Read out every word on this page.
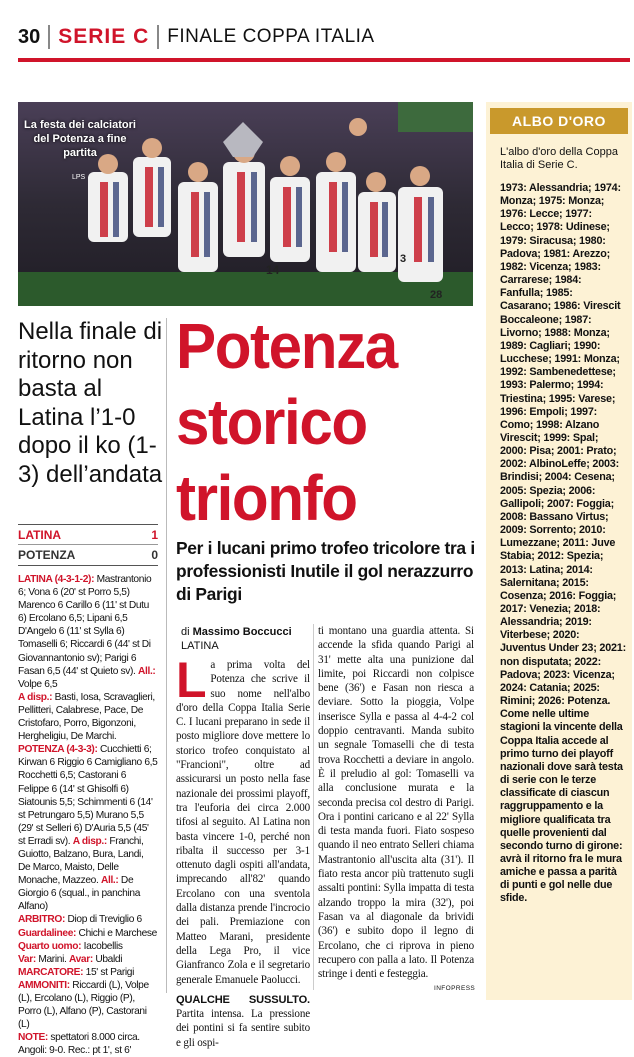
30 SERIE C FINALE COPPA ITALIA
14
3
28
La festa dei calciatori del Potenza a fine partita
LPS
Nella finale di ritorno non basta al Latina l’1-0 dopo il ko (1-3) dell’andata
LATINA	1
POTENZA	0
LATINA (4-3-1-2): Mastrantonio 6; Vona 6 (20' st Porro 5,5) Marenco 6 Carillo 6 (11' st Dutu 6) Ercolano 6,5; Lipani 6,5 D'Angelo 6 (11' st Sylla 6) Tomaselli 6; Riccardi 6 (44' st Di Giovannantonio sv); Parigi 6 Fasan 6,5 (44' st Quieto sv). All.: Volpe 6,5
A disp.: Basti, Iosa, Scravaglieri, Pellitteri, Calabrese, Pace, De Cristofaro, Porro, Bigonzoni, Hergheligiu, De Marchi.
POTENZA (4-3-3): Cucchietti 6; Kirwan 6 Riggio 6 Camigliano 6,5 Rocchetti 6,5; Castorani 6 Felippe 6 (14' st Ghisolfi 6) Siatounis 5,5; Schimmenti 6 (14' st Petrungaro 5,5) Murano 5,5 (29' st Selleri 6) D'Auria 5,5 (45' st Erradi sv). A disp.: Franchi, Guiotto, Balzano, Bura, Landi, De Marco, Maisto, Delle Monache, Mazzeo. All.: De Giorgio 6 (squal., in panchina Alfano)
ARBITRO: Diop di Treviglio 6
Guardalinee: Chichi e Marchese
Quarto uomo: Iacobellis
Var: Marini. Avar: Ubaldi
MARCATORE: 15' st Parigi
AMMONITI: Riccardi (L), Volpe (L), Ercolano (L), Riggio (P), Porro (L), Alfano (P), Castorani (L)
NOTE: spettatori 8.000 circa. Angoli: 9-0. Rec.: pt 1', st 6'
Potenza
storico
trionfo
Per i lucani primo trofeo tricolore tra i professionisti Inutile il gol nerazzurro di Parigi
di Massimo Boccucci
LATINA
La prima volta del Potenza che scrive il suo nome nell'albo d'oro della Coppa Italia Serie C. I lucani preparano in sede il posto migliore dove mettere lo storico trofeo conquistato al "Francioni", oltre ad assicurarsi un posto nella fase nazionale dei prossimi playoff, tra l'euforia dei circa 2.000 tifosi al seguito. Al Latina non basta vincere 1-0, perché non ribalta il successo per 3-1 ottenuto dagli ospiti all'andata, imprecando all'82' quando Ercolano con una sventola dalla distanza prende l'incrocio dei pali. Premiazione con Matteo Marani, presidente della Lega Pro, il vice Gianfranco Zola e il segretario generale Emanuele Paolucci.
QUALCHE SUSSULTO. Partita intensa. La pressione dei pontini si fa sentire subito e gli ospi-
ti montano una guardia attenta. Si accende la sfida quando Parigi al 31' mette alta una punizione dal limite, poi Riccardi non colpisce bene (36') e Fasan non riesca a deviare. Sotto la pioggia, Volpe inserisce Sylla e passa al 4-4-2 col doppio centravanti. Manda subito un segnale Tomaselli che di testa trova Rocchetti a deviare in angolo. È il preludio al gol: Tomaselli va alla conclusione murata e la seconda precisa col destro di Parigi. Ora i pontini caricano e al 22' Sylla di testa manda fuori. Fiato sospeso quando il neo entrato Selleri chiama Mastrantonio all'uscita alta (31'). Il fiato resta ancor più trattenuto sugli assalti pontini: Sylla impatta di testa alzando troppo la mira (32'), poi Fasan va al diagonale da brividi (36') e subito dopo il legno di Ercolano, che ci riprova in pieno recupero con palla a lato. Il Potenza stringe i denti e festeggia.
INFOPRESS
ALBO D'ORO
L'albo d'oro della Coppa Italia di Serie C.
1973: Alessandria; 1974: Monza; 1975: Monza; 1976: Lecce; 1977: Lecco; 1978: Udinese; 1979: Siracusa; 1980: Padova; 1981: Arezzo; 1982: Vicenza; 1983: Carrarese; 1984: Fanfulla; 1985: Casarano; 1986: Virescit Boccaleone; 1987: Livorno; 1988: Monza; 1989: Cagliari; 1990: Lucchese; 1991: Monza; 1992: Sambenedettese; 1993: Palermo; 1994: Triestina; 1995: Varese; 1996: Empoli; 1997: Como; 1998: Alzano Virescit; 1999: Spal; 2000: Pisa; 2001: Prato; 2002: AlbinoLeffe; 2003: Brindisi; 2004: Cesena; 2005: Spezia; 2006: Gallipoli; 2007: Foggia; 2008: Bassano Virtus; 2009: Sorrento; 2010: Lumezzane; 2011: Juve Stabia; 2012: Spezia; 2013: Latina; 2014: Salernitana; 2015: Cosenza; 2016: Foggia; 2017: Venezia; 2018: Alessandria; 2019: Viterbese; 2020: Juventus Under 23; 2021: non disputata; 2022: Padova; 2023: Vicenza; 2024: Catania; 2025: Rimini; 2026: Potenza. Come nelle ultime stagioni la vincente della Coppa Italia accede al primo turno dei playoff nazionali dove sarà testa di serie con le terze classificate di ciascun raggruppamento e la migliore qualificata tra quelle provenienti dal secondo turno di girone: avrà il ritorno fra le mura amiche e passa a parità di punti e gol nelle due sfide.
